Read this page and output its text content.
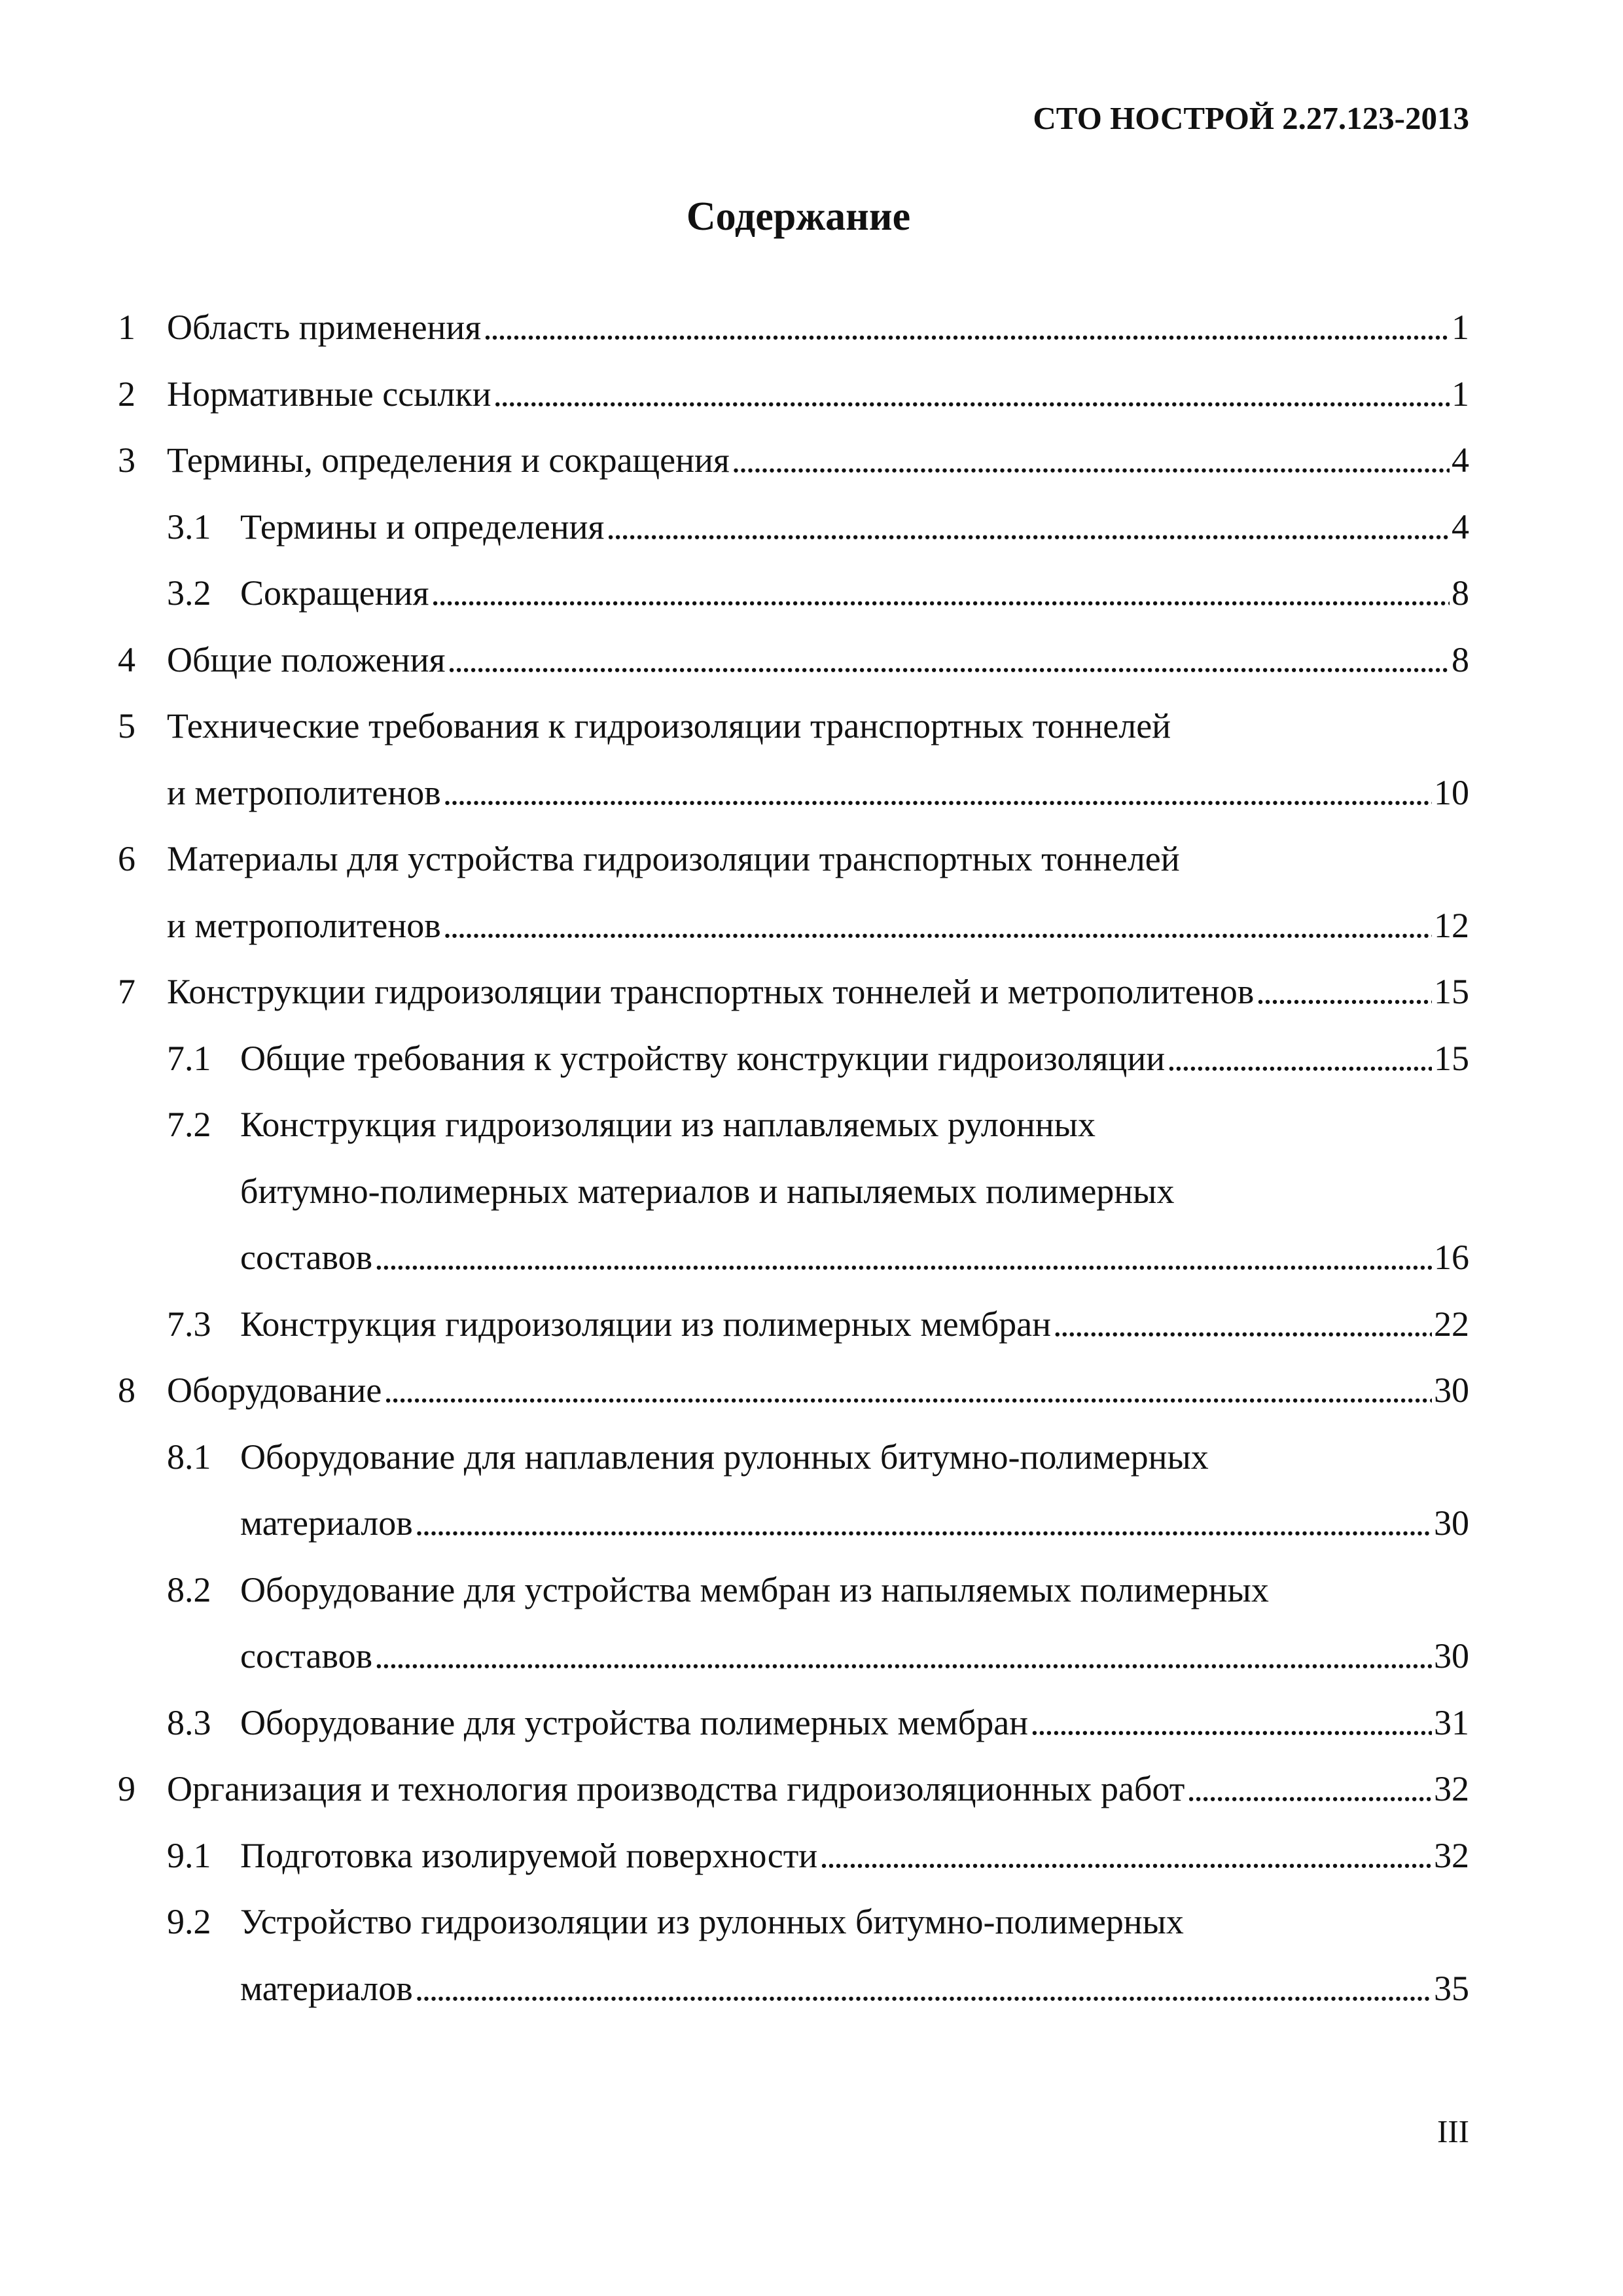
СТО НОСТРОЙ 2.27.123-2013
Содержание
1 Область применения . . .	1
2 Нормативные ссылки . . .	1
3 Термины, определения и сокращения . . .	4
3.1 Термины и определения . . .	4
3.2 Сокращения . . .	8
4 Общие положения . . .	8
5 Технические требования к гидроизоляции транспортных тоннелей
и метрополитенов . . .	10
6 Материалы для устройства гидроизоляции транспортных тоннелей
и метрополитенов . . .	12
7 Конструкции гидроизоляции транспортных тоннелей и метрополитенов . . .	15
7.1 Общие требования к устройству конструкции гидроизоляции . . .	15
7.2 Конструкция гидроизоляции из наплавляемых рулонных
битумно-полимерных материалов и напыляемых полимерных
составов . . .	16
7.3 Конструкция гидроизоляции из полимерных мембран . . .	22
8 Оборудование . . .	30
8.1 Оборудование для наплавления рулонных битумно-полимерных
материалов . . .	30
8.2 Оборудование для устройства мембран из напыляемых полимерных
составов . . .	30
8.3 Оборудование для устройства полимерных мембран . . .	31
9 Организация и технология производства гидроизоляционных работ . . .	32
9.1 Подготовка изолируемой поверхности . . .	32
9.2 Устройство гидроизоляции из рулонных битумно-полимерных
материалов . . .	35
III
